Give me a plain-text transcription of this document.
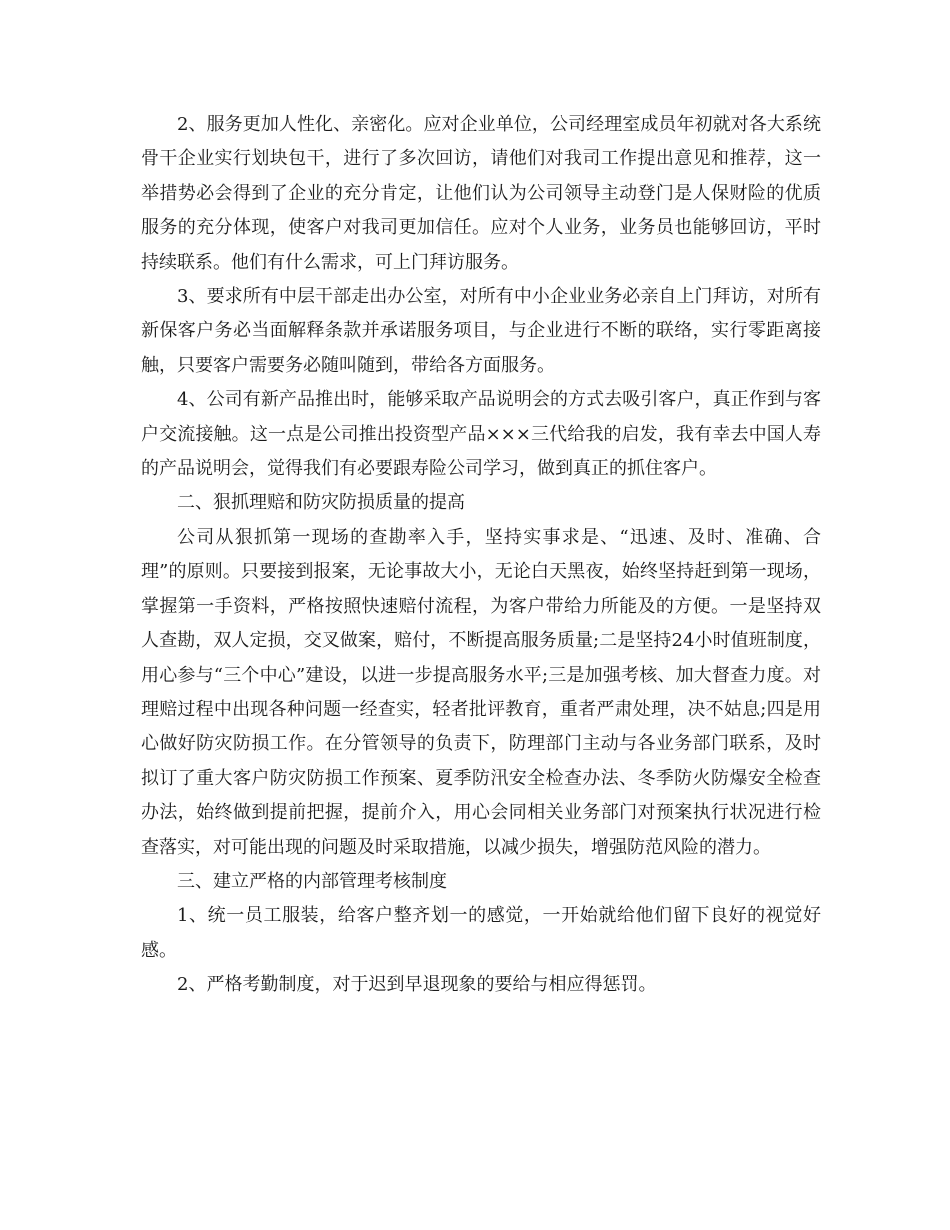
2、服务更加人性化、亲密化。应对企业单位，公司经理室成员年初就对各大系统骨干企业实行划块包干，进行了多次回访，请他们对我司工作提出意见和推荐，这一举措势必会得到了企业的充分肯定，让他们认为公司领导主动登门是人保财险的优质服务的充分体现，使客户对我司更加信任。应对个人业务，业务员也能够回访，平时持续联系。他们有什么需求，可上门拜访服务。

3、要求所有中层干部走出办公室，对所有中小企业业务必亲自上门拜访，对所有新保客户务必当面解释条款并承诺服务项目，与企业进行不断的联络，实行零距离接触，只要客户需要务必随叫随到，带给各方面服务。

4、公司有新产品推出时，能够采取产品说明会的方式去吸引客户，真正作到与客户交流接触。这一点是公司推出投资型产品×××三代给我的启发，我有幸去中国人寿的产品说明会，觉得我们有必要跟寿险公司学习，做到真正的抓住客户。

二、狠抓理赔和防灾防损质量的提高

公司从狠抓第一现场的查勘率入手，坚持实事求是、“迅速、及时、准确、合理”的原则。只要接到报案，无论事故大小，无论白天黑夜，始终坚持赶到第一现场，掌握第一手资料，严格按照快速赔付流程，为客户带给力所能及的方便。一是坚持双人查勘，双人定损，交叉做案，赔付，不断提高服务质量;二是坚持24小时值班制度，用心参与“三个中心”建设，以进一步提高服务水平;三是加强考核、加大督查力度。对理赔过程中出现各种问题一经查实，轻者批评教育，重者严肃处理，决不姑息;四是用心做好防灾防损工作。在分管领导的负责下，防理部门主动与各业务部门联系，及时拟订了重大客户防灾防损工作预案、夏季防汛安全检查办法、冬季防火防爆安全检查办法，始终做到提前把握，提前介入，用心会同相关业务部门对预案执行状况进行检查落实，对可能出现的问题及时采取措施，以减少损失，增强防范风险的潜力。

三、建立严格的内部管理考核制度

1、统一员工服装，给客户整齐划一的感觉，一开始就给他们留下良好的视觉好感。

2、严格考勤制度，对于迟到早退现象的要给与相应得惩罚。
